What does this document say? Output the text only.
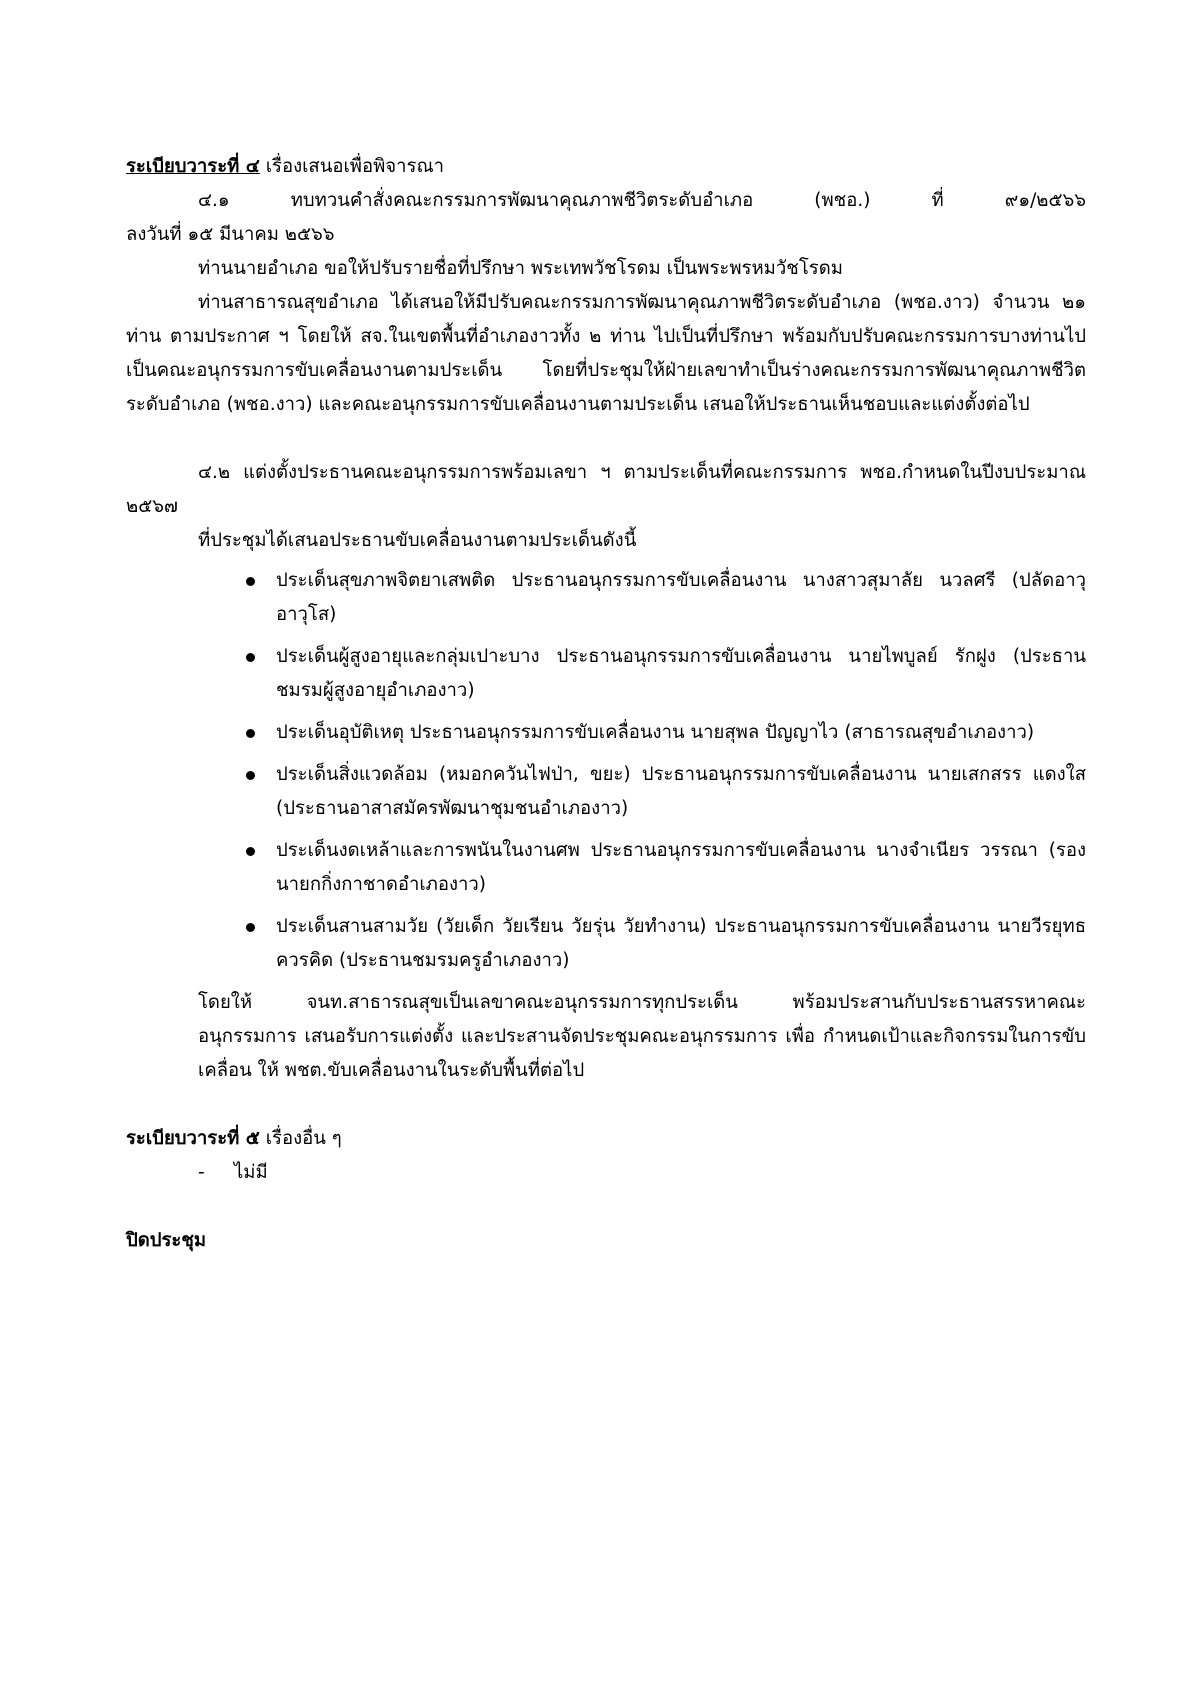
ระเบียบวาระที่ ๔ เรื่องเสนอเพื่อพิจารณา

๔.๑ ทบทวนคำสั่งคณะกรรมการพัฒนาคุณภาพชีวิตระดับอำเภอ (พชอ.) ที่ ๙๑/๒๕๖๖

ลงวันที่ ๑๕ มีนาคม ๒๕๖๖

ท่านนายอำเภอ ขอให้ปรับรายชื่อที่ปรึกษา พระเทพวัชโรดม เป็นพระพรหมวัชโรดม

ท่านสาธารณสุขอำเภอ ได้เสนอให้มีปรับคณะกรรมการพัฒนาคุณภาพชีวิตระดับอำเภอ (พชอ.งาว) จำนวน ๒๑ ท่าน ตามประกาศ ฯ โดยให้ สจ.ในเขตพื้นที่อำเภองาวทั้ง ๒ ท่าน ไปเป็นที่ปรึกษา พร้อมกับปรับคณะกรรมการบางท่านไปเป็นคณะอนุกรรมการขับเคลื่อนงานตามประเด็น โดยที่ประชุมให้ฝ่ายเลขาทำเป็นร่างคณะกรรมการพัฒนาคุณภาพชีวิตระดับอำเภอ (พชอ.งาว) และคณะอนุกรรมการขับเคลื่อนงานตามประเด็น เสนอให้ประธานเห็นชอบและแต่งตั้งต่อไป

๔.๒ แต่งตั้งประธานคณะอนุกรรมการพร้อมเลขา ฯ ตามประเด็นที่คณะกรรมการ พชอ.กำหนดในปีงบประมาณ ๒๕๖๗

ที่ประชุมได้เสนอประธานขับเคลื่อนงานตามประเด็นดังนี้

ประเด็นสุขภาพจิตยาเสพติด ประธานอนุกรรมการขับเคลื่อนงาน นางสาวสุมาลัย นวลศรี (ปลัดอาวุอาวุโส)
ประเด็นผู้สูงอายุและกลุ่มเปาะบาง ประธานอนุกรรมการขับเคลื่อนงาน นายไพบูลย์ รักฝูง (ประธานชมรมผู้สูงอายุอำเภองาว)
ประเด็นอุบัติเหตุ ประธานอนุกรรมการขับเคลื่อนงาน นายสุพล ปัญญาไว (สาธารณสุขอำเภองาว)
ประเด็นสิ่งแวดล้อม (หมอกควันไฟป่า, ขยะ) ประธานอนุกรรมการขับเคลื่อนงาน นายเสกสรร แดงใส (ประธานอาสาสมัครพัฒนาชุมชนอำเภองาว)
ประเด็นงดเหล้าและการพนันในงานศพ ประธานอนุกรรมการขับเคลื่อนงาน นางจำเนียร วรรณา (รองนายกกิ่งกาชาดอำเภองาว)
ประเด็นสานสามวัย (วัยเด็ก วัยเรียน วัยรุ่น วัยทำงาน) ประธานอนุกรรมการขับเคลื่อนงาน นายวีรยุทธ ควรคิด (ประธานชมรมครูอำเภองาว)

โดยให้ จนท.สาธารณสุขเป็นเลขาคณะอนุกรรมการทุกประเด็น พร้อมประสานกับประธานสรรหาคณะอนุกรรมการ เสนอรับการแต่งตั้ง และประสานจัดประชุมคณะอนุกรรมการ เพื่อ กำหนดเป้าและกิจกรรมในการขับเคลื่อน ให้ พชต.ขับเคลื่อนงานในระดับพื้นที่ต่อไป

ระเบียบวาระที่ ๕ เรื่องอื่น ๆ

- ไม่มี

ปิดประชุม
